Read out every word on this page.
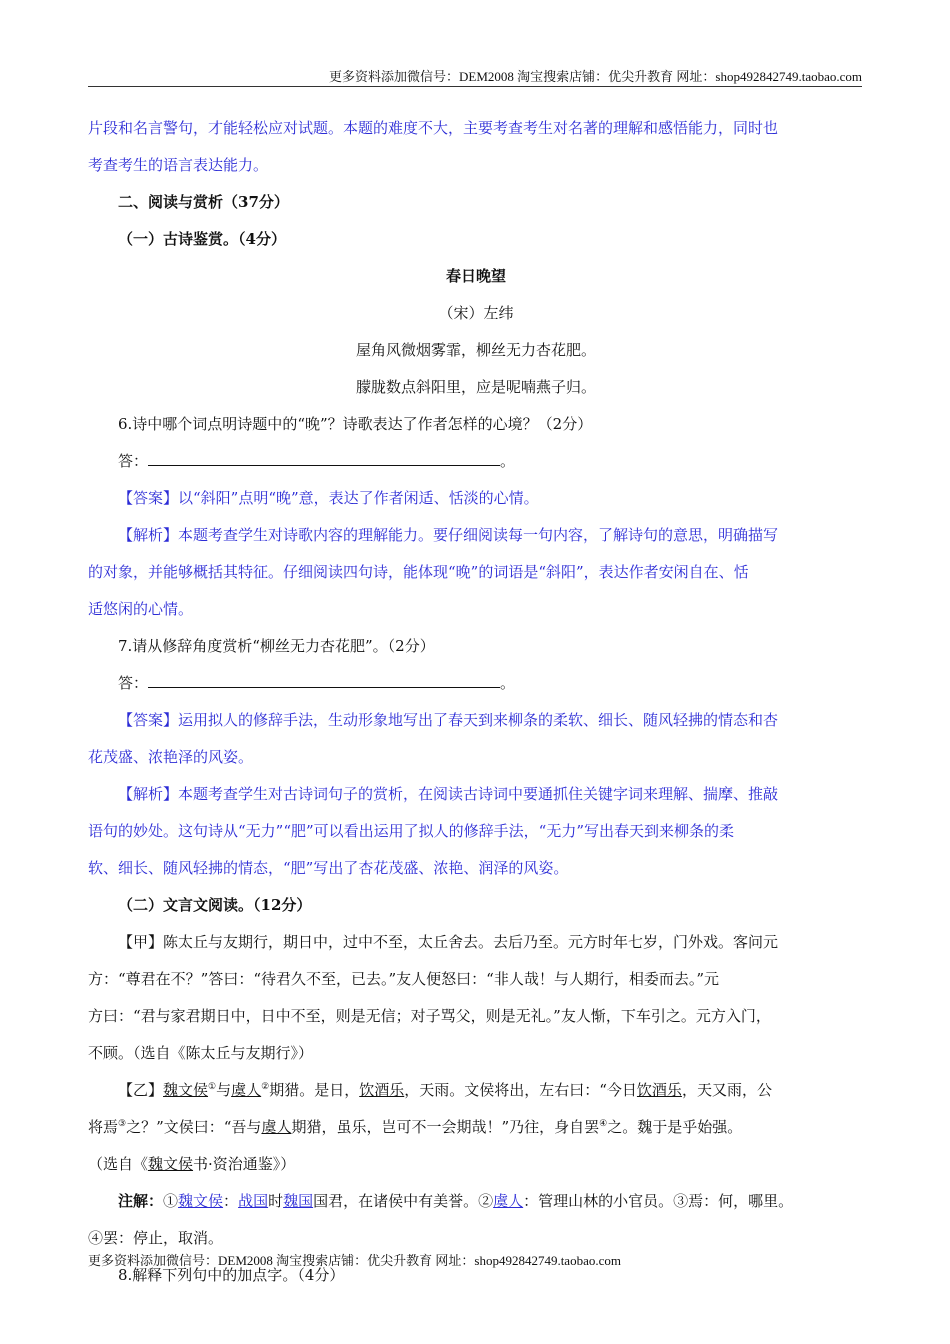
更多资料添加微信号：DEM2008 淘宝搜索店铺：优尖升教育 网址：shop492842749.taobao.com

片段和名言警句，才能轻松应对试题。本题的难度不大，主要考查考生对名著的理解和感悟能力，同时也

考查考生的语言表达能力。

二、阅读与赏析（37分）

（一）古诗鉴赏。（4分）

春日晚望

（宋）左纬

屋角风微烟雾霏，柳丝无力杏花肥。

朦胧数点斜阳里，应是呢喃燕子归。

6.诗中哪个词点明诗题中的“晚”？诗歌表达了作者怎样的心境？（2分）

答：	。

【答案】以“斜阳”点明“晚”意，表达了作者闲适、恬淡的心情。

【解析】本题考查学生对诗歌内容的理解能力。要仔细阅读每一句内容，了解诗句的意思，明确描写

的对象，并能够概括其特征。仔细阅读四句诗，能体现“晚”的词语是“斜阳”，表达作者安闲自在、恬

适悠闲的心情。

7.请从修辞角度赏析“柳丝无力杏花肥”。（2分）

答：	。

【答案】运用拟人的修辞手法，生动形象地写出了春天到来柳条的柔软、细长、随风轻拂的情态和杏

花茂盛、浓艳泽的风姿。

【解析】本题考查学生对古诗词句子的赏析，在阅读古诗词中要通抓住关键字词来理解、揣摩、推敲

语句的妙处。这句诗从“无力”“肥”可以看出运用了拟人的修辞手法，“无力”写出春天到来柳条的柔

软、细长、随风轻拂的情态，“肥”写出了杏花茂盛、浓艳、润泽的风姿。

（二）文言文阅读。（12分）

【甲】陈太丘与友期行，期日中，过中不至，太丘舍去。去后乃至。元方时年七岁，门外戏。客问元

方：“尊君在不？”答曰：“待君久不至，已去。”友人便怒曰：“非人哉！与人期行，相委而去。”元

方曰：“君与家君期日中，日中不至，则是无信；对子骂父，则是无礼。”友人惭，下车引之。元方入门，

不顾。（选自《陈太丘与友期行》）

【乙】魏文侯①与虞人②期猎。是日，饮酒乐，天雨。文侯将出，左右曰：“今日饮酒乐，天又雨，公

将焉③之？”文侯曰：“吾与虞人期猎，虽乐，岂可不一会期哉！”乃往，身自罢④之。魏于是乎始强。

（选自《魏文侯书·资治通鉴》）

注解：①魏文侯：战国时魏国国君，在诸侯中有美誉。②虞人：管理山林的小官员。③焉：何，哪里。

④罢：停止，取消。

8.解释下列句中的加点字。（4分）

更多资料添加微信号：DEM2008 淘宝搜索店铺：优尖升教育 网址：shop492842749.taobao.com
